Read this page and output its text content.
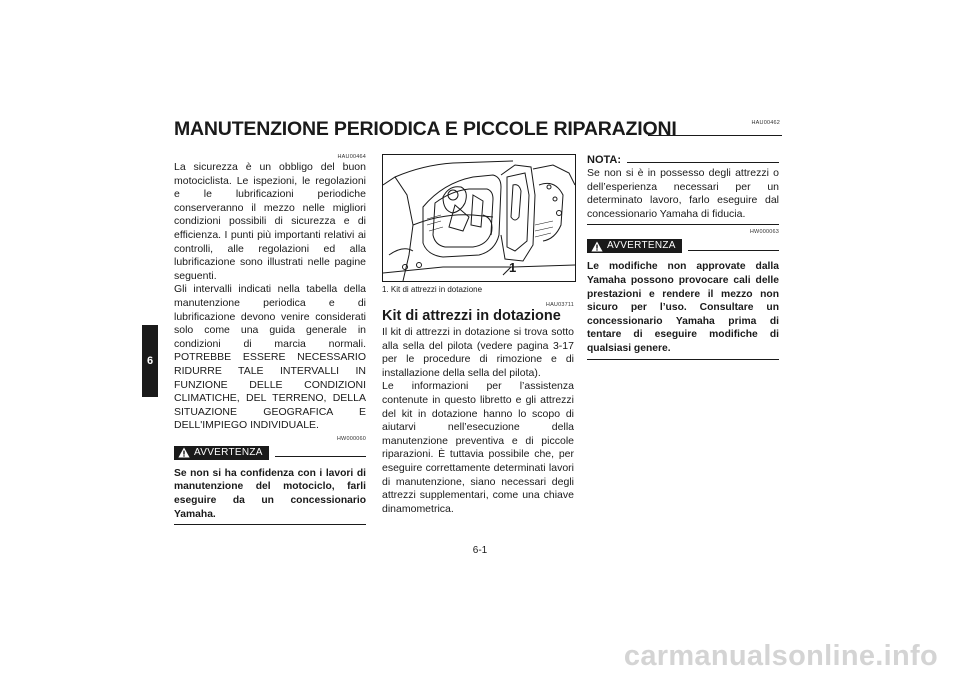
MANUTENZIONE PERIODICA E PICCOLE RIPARAZIONI	HAU00462
6
HAU00464
La sicurezza è un obbligo del buon motociclista. Le ispezioni, le regolazioni e le lubrificazioni periodiche conserveranno il mezzo nelle migliori condizioni possibili di sicurezza e di efficienza. I punti più importanti relativi ai controlli, alle regolazioni ed alla lubrificazione sono illustrati nelle pagine seguenti.
Gli intervalli indicati nella tabella della manutenzione periodica e di lubrificazione devono venire considerati solo come una guida generale in condizioni di marcia normali. POTREBBE ESSERE NECESSARIO RIDURRE TALE INTERVALLI IN FUNZIONE DELLE CONDIZIONI CLIMATICHE, DEL TERRENO, DELLA SITUAZIONE GEOGRAFICA E DELL'IMPIEGO INDIVIDUALE.
HW000060
AVVERTENZA
Se non si ha confidenza con i lavori di manutenzione del motociclo, farli eseguire da un concessionario Yamaha.
1
1. Kit di attrezzi in dotazione
HAU03711
Kit di attrezzi in dotazione
Il kit di attrezzi in dotazione si trova sotto alla sella del pilota (vedere pagina 3-17 per le procedure di rimozione e di installazione della sella del pilota).
Le informazioni per l’assistenza contenute in questo libretto e gli attrezzi del kit in dotazione hanno lo scopo di aiutarvi nell’esecuzione della manutenzione preventiva e di piccole riparazioni. È tuttavia possibile che, per eseguire correttamente determinati lavori di manutenzione, siano necessari degli attrezzi supplementari, come una chiave dinamometrica.
NOTA:
Se non si è in possesso degli attrezzi o dell’esperienza necessari per un determinato lavoro, farlo eseguire dal concessionario Yamaha di fiducia.
HW000063
AVVERTENZA
Le modifiche non approvate dalla Yamaha possono provocare cali delle prestazioni e rendere il mezzo non sicuro per l’uso. Consultare un concessionario Yamaha prima di tentare di eseguire modifiche di qualsiasi genere.
6-1
carmanualsonline.info
